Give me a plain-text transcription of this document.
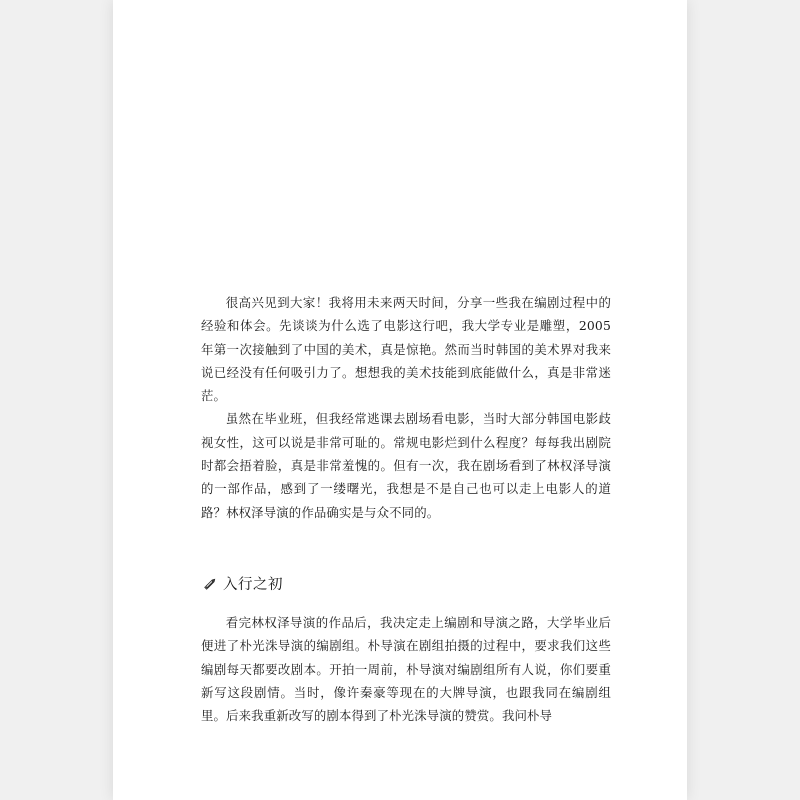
很高兴见到大家！我将用未来两天时间，分享一些我在编剧过程中的经验和体会。先谈谈为什么选了电影这行吧，我大学专业是雕塑，2005 年第一次接触到了中国的美术，真是惊艳。然而当时韩国的美术界对我来说已经没有任何吸引力了。想想我的美术技能到底能做什么，真是非常迷茫。

虽然在毕业班，但我经常逃课去剧场看电影，当时大部分韩国电影歧视女性，这可以说是非常可耻的。常规电影烂到什么程度？每每我出剧院时都会捂着脸，真是非常羞愧的。但有一次，我在剧场看到了林权泽导演的一部作品，感到了一缕曙光，我想是不是自己也可以走上电影人的道路？林权泽导演的作品确实是与众不同的。

入行之初

看完林权泽导演的作品后，我决定走上编剧和导演之路，大学毕业后便进了朴光洙导演的编剧组。朴导演在剧组拍摄的过程中，要求我们这些编剧每天都要改剧本。开拍一周前，朴导演对编剧组所有人说，你们要重新写这段剧情。当时，像许秦豪等现在的大牌导演，也跟我同在编剧组里。后来我重新改写的剧本得到了朴光洙导演的赞赏。我问朴导
